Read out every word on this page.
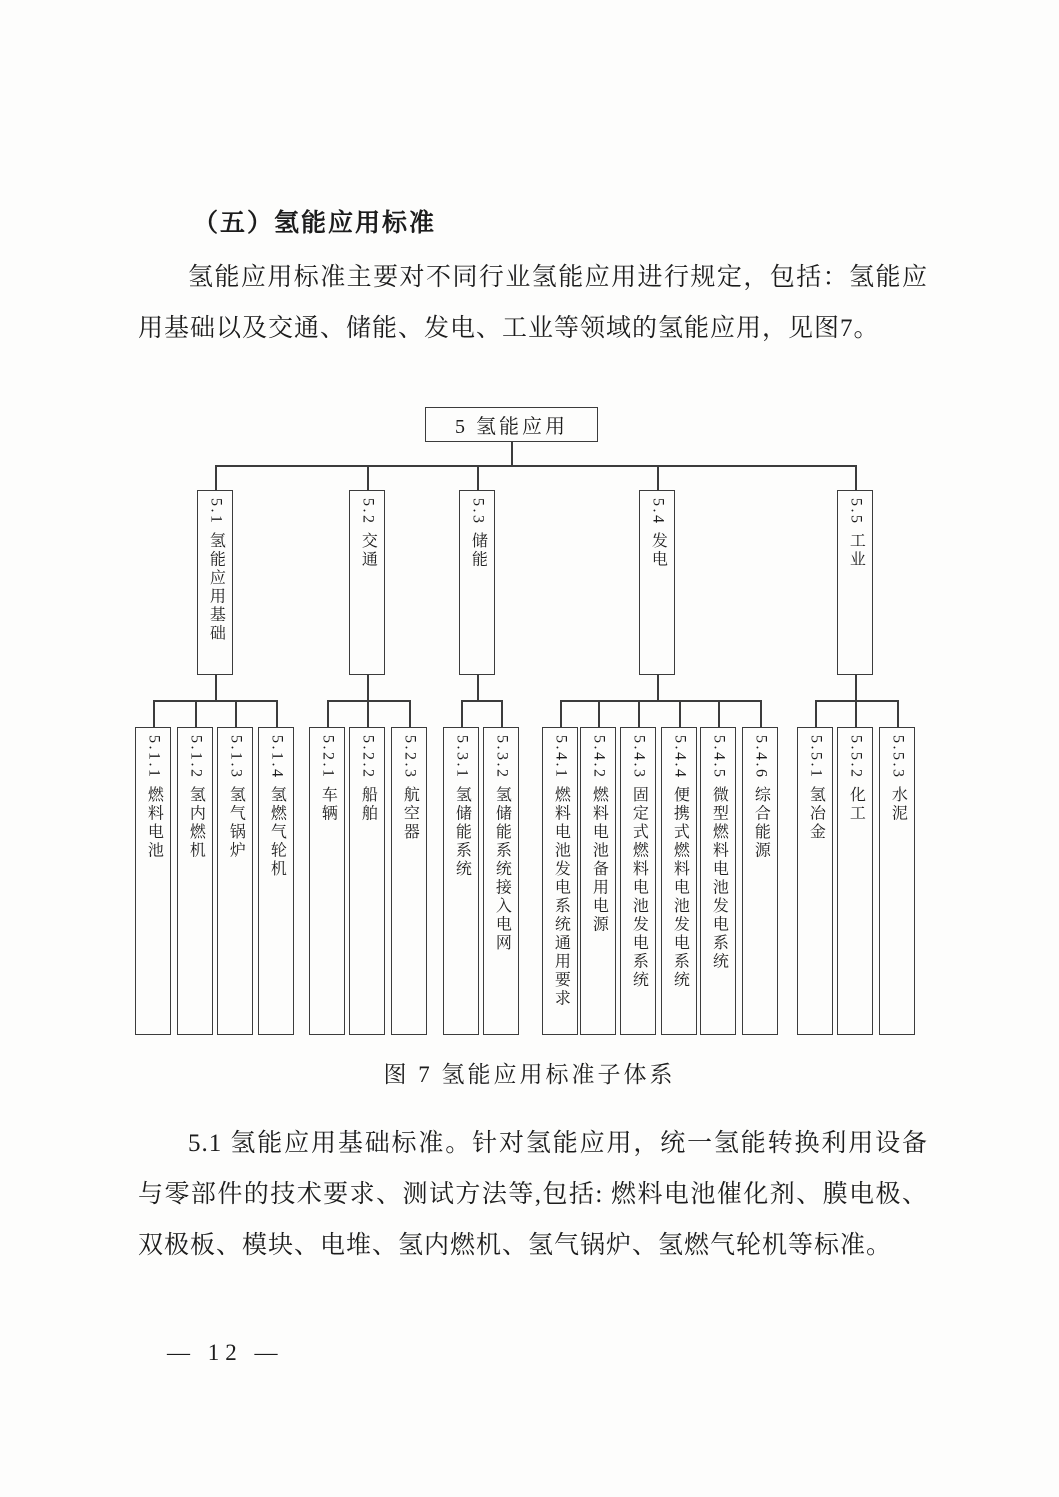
（五）氢能应用标准
氢能应用标准主要对不同行业氢能应用进行规定，包括：氢能应用基础以及交通、储能、发电、工业等领域的氢能应用，见图7。
5 氢能应用
5.1 氢能应用基础
5.1.1 燃料电池 5.1.2 氢内燃机 5.1.3 氢气锅炉 5.1.4 氢燃气轮机
5.2 交通
5.2.1 车辆 5.2.2 船舶 5.2.3 航空器
5.3 储能
5.3.1 氢储能系统 5.3.2 氢储能系统接入电网
5.4 发电
5.4.1 燃料电池发电系统通用要求 5.4.2 燃料电池备用电源 5.4.3 固定式燃料电池发电系统 5.4.4 便携式燃料电池发电系统 5.4.5 微型燃料电池发电系统 5.4.6 综合能源
5.5 工业
5.5.1 氢冶金 5.5.2 化工 5.5.3 水泥
图 7 氢能应用标准子体系
5.1 氢能应用基础标准。针对氢能应用，统一氢能转换利用设备与零部件的技术要求、测试方法等,包括: 燃料电池催化剂、膜电极、双极板、模块、电堆、氢内燃机、氢气锅炉、氢燃气轮机等标准。
— 12 —
